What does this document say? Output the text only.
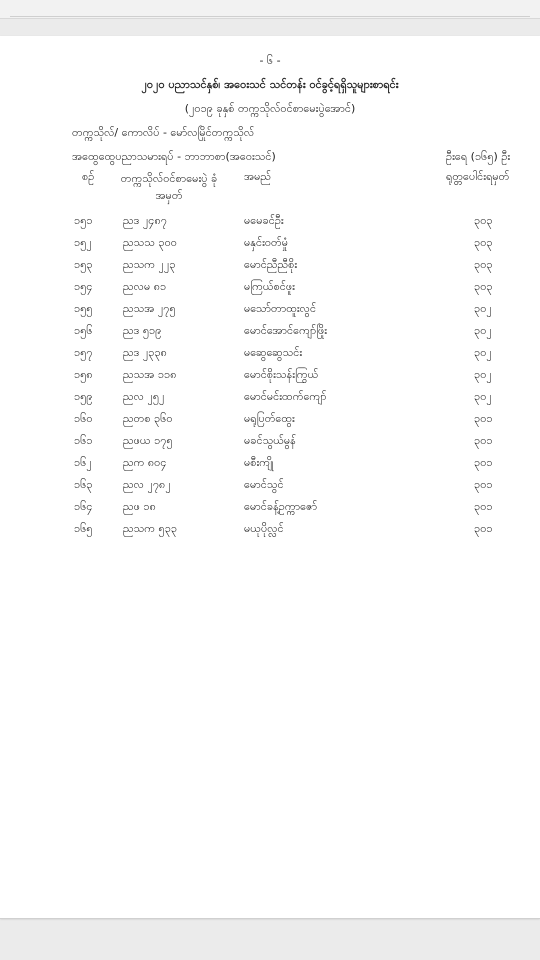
- ၆ -
၂၀၂၀ ပညာသင်နှစ်၊ အဝေးသင် သင်တန်း ဝင်ခွင့်ရရှိသူများစာရင်း
(၂၀၁၉ ခုနှစ် တက္ကသိုလ်ဝင်စာမေးပွဲအောင်)
တက္ကသိုလ်/ ကောလိပ် - မော်လမြိုင်တက္ကသိုလ်
အထွေထွေပညာသမားရပ် - ဘာဘာစာ(အဝေးသင်)	ဦးရေ (၁၆၅) ဦး
စဉ်	တက္ကသိုလ်ဝင်စာမေးပွဲ ခုံအမှတ်
အမည်	ရုတ္တပေါင်းရမှတ်
၁၅၁	ညဒ ၂၄၈၇	မမေခင်ဦး	၃၀၃
၁၅၂	ညသသ ၃၀၀	မနှင်းဝတ်မှုံ	၃၀၃
၁၅၃	ညသက ၂၂၃	မောင်ညီညီစိုး	၃၀၃
၁၅၄	ညလမ ၈၁	မကြယ်စင်ဖူး	၃၀၃
၁၅၅	ညသအ ၂၇၅	မသော်တာထူးလွင်	၃၀၂
၁၅၆	ညဒ ၅၁၉	မောင်အောင်ကျော်ဖြိုး	၃၀၂
၁၅၇	ညဒ ၂၃၃၈	မဆွေဆွေသင်း	၃၀၂
၁၅၈	ညသအ ၁၁၈	မောင်စိုးသန်းကြွယ်	၃၀၂
၁၅၉	ညလ ၂၅၂	မောင်မင်းထက်ကျော်	၃၀၂
၁၆၀	ညတစ ၃၆၀	မရုပြတ်ထွေး	၃၀၁
၁၆၁	ညဖယ ၁၇၅	မခင်သွယ်မွန်	၃၀၁
၁၆၂	ညက ၈၀၄	မစီးကျို	၃၀၁
၁၆၃	ညလ ၂၇၈၂	မောင်သွင်	၃၀၁
၁၆၄	ညဖ ၁၈	မောင်ခန့်ဥက္ကာဇော်	၃၀၁
၁၆၅	ညသက ၅၃၃	မယုပိုလ္လင်	၃၀၁
